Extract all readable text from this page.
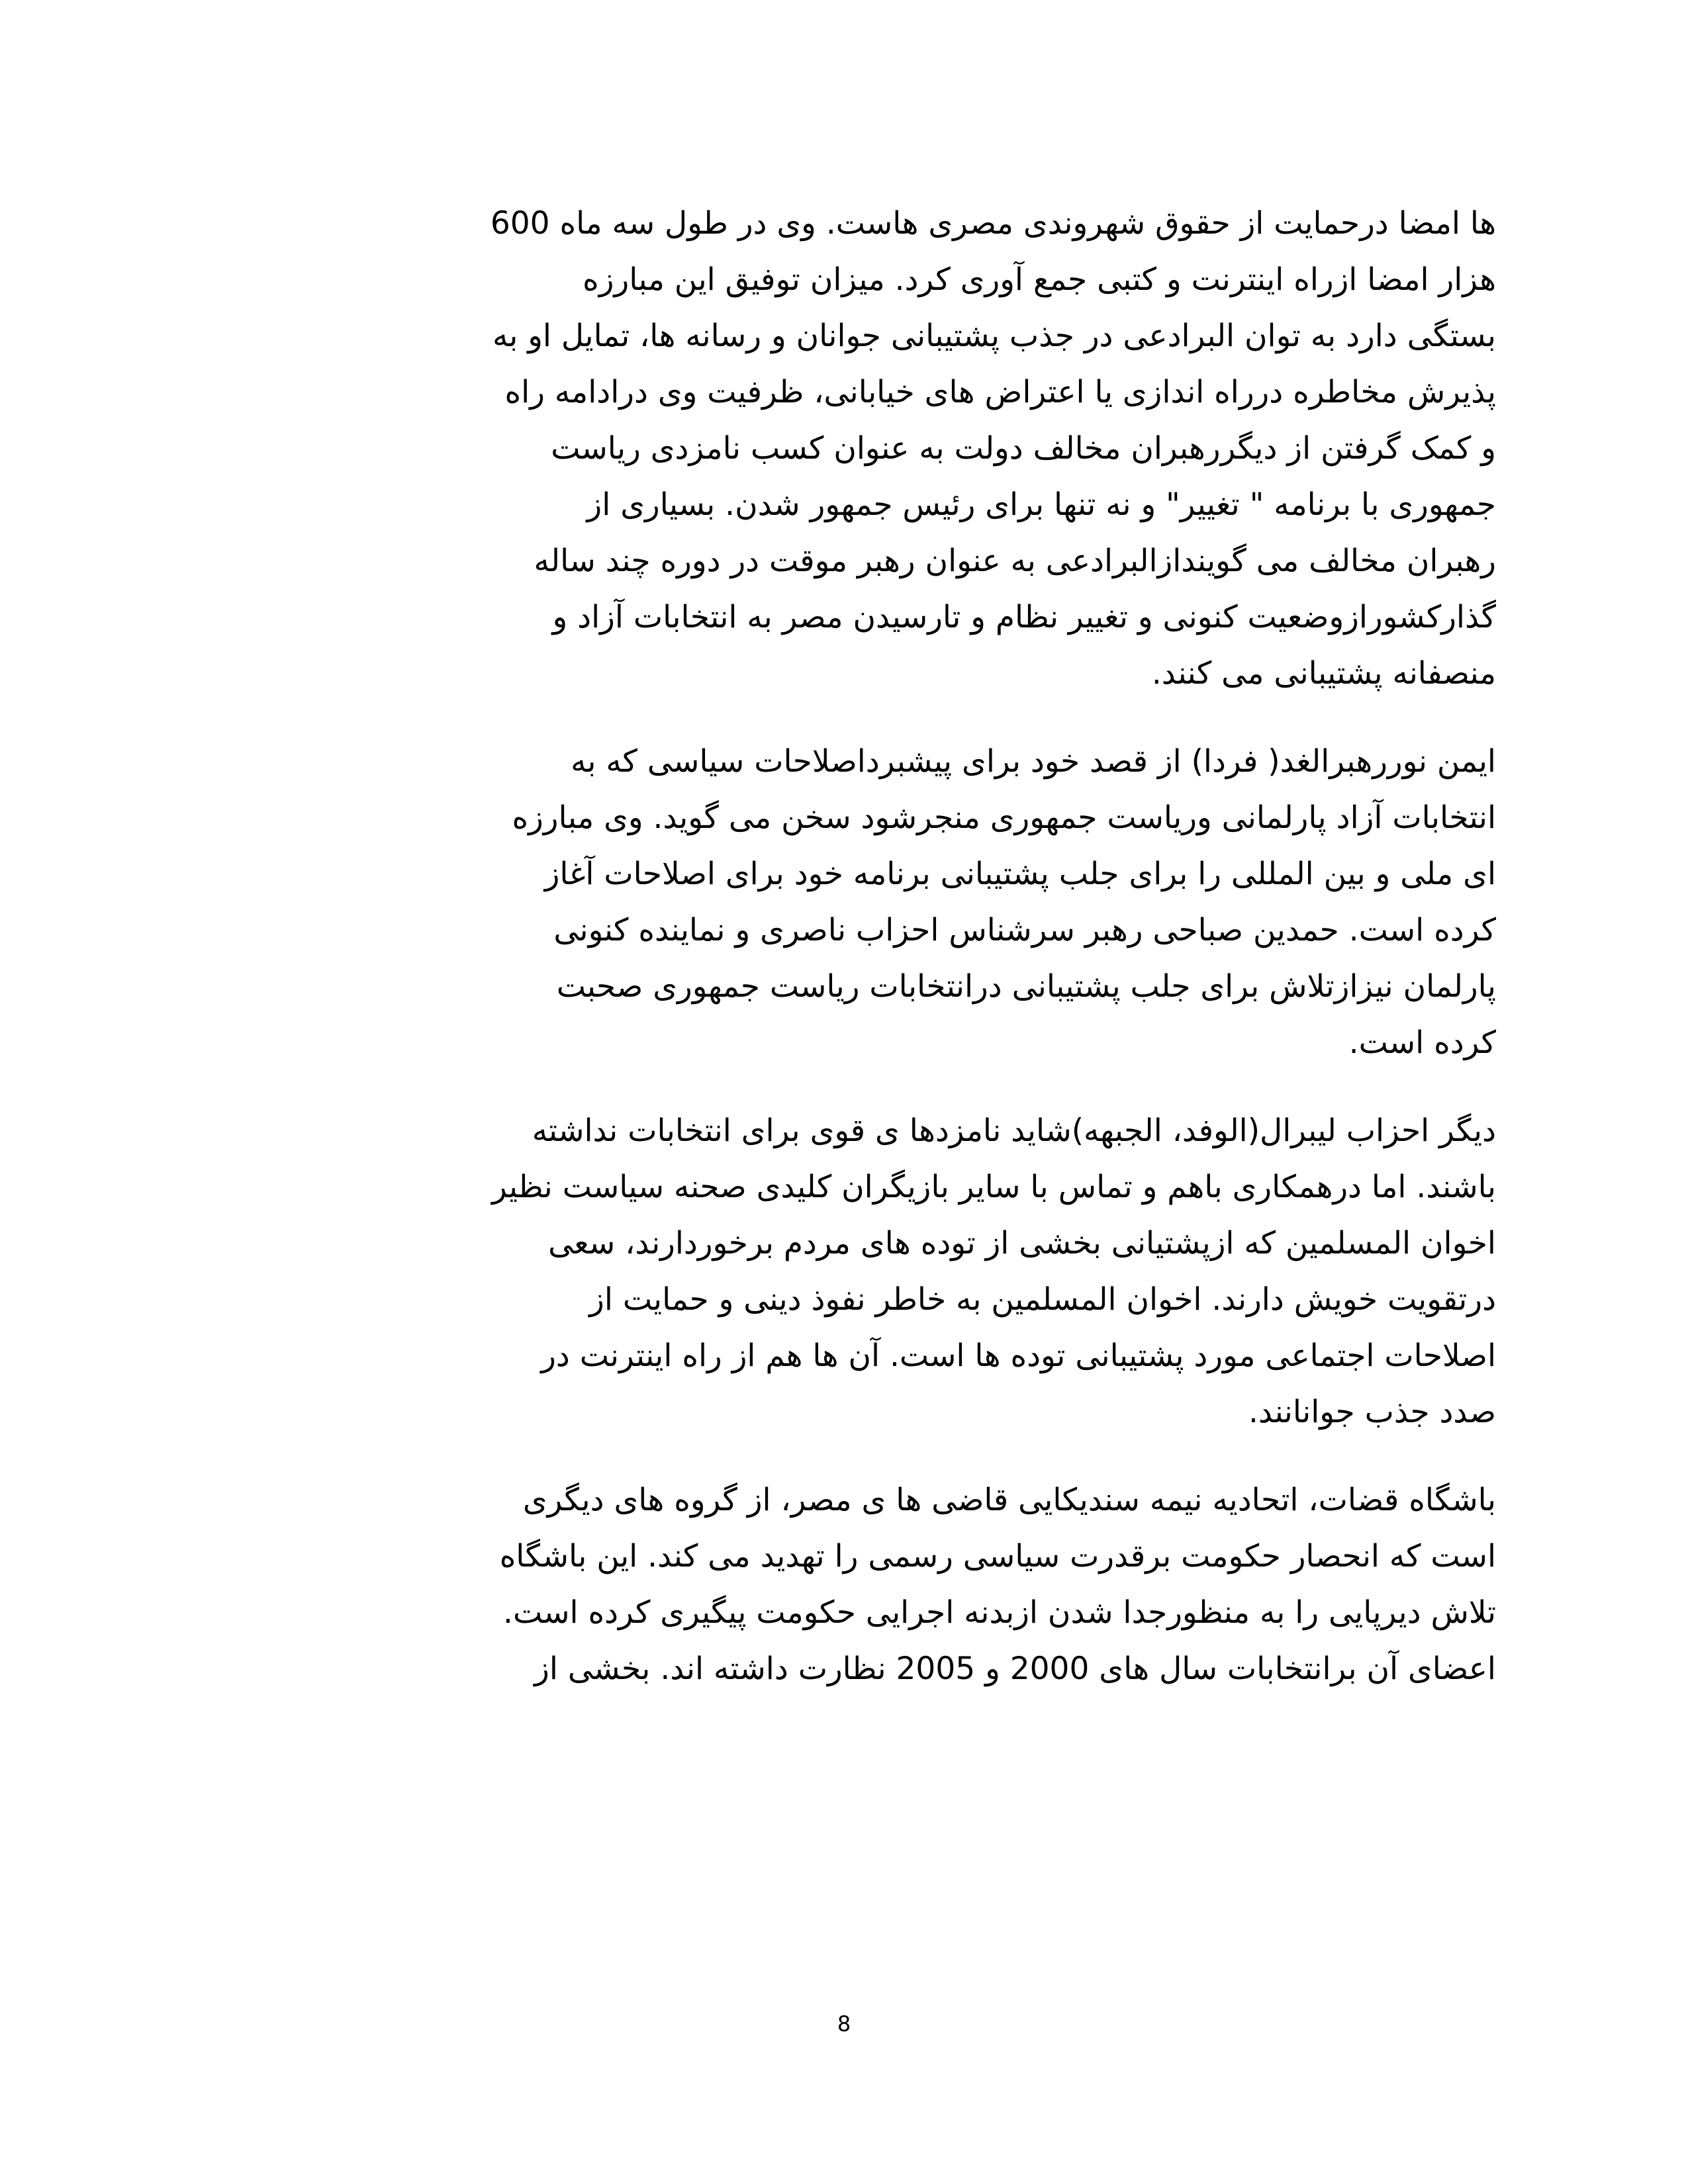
ها امضا درحمایت از حقوق شهروندی مصری هاست. وی در طول سه ماه 600
هزار امضا ازراه اینترنت و کتبی جمع آوری کرد. میزان توفیق این مبارزه
بستگی دارد به توان البرادعی در جذب پشتیبانی جوانان و رسانه ها، تمایل او به
پذیرش مخاطره درراه اندازی یا اعتراض های خیابانی، ظرفیت وی درادامه راه
و کمک گرفتن از دیگررهبران مخالف دولت به عنوان کسب نامزدی ریاست
جمهوری با برنامه " تغییر" و نه تنها برای رئیس جمهور شدن. بسیاری از
رهبران مخالف می گویندازالبرادعی به عنوان رهبر موقت در دوره چند ساله
گذارکشورازوضعیت کنونی و تغییر نظام و تارسیدن مصر به انتخابات آزاد و
منصفانه پشتیبانی می کنند.

ایمن نوررهبرالغد( فردا) از قصد خود برای پیشبرداصلاحات سیاسی که به
انتخابات آزاد پارلمانی وریاست جمهوری منجرشود سخن می گوید. وی مبارزه
ای ملی و بین المللی را برای جلب پشتیبانی برنامه خود برای اصلاحات آغاز
کرده است. حمدین صباحی رهبر سرشناس احزاب ناصری و نماینده کنونی
پارلمان نیزازتلاش برای جلب پشتیبانی درانتخابات ریاست جمهوری صحبت
کرده است.

دیگر احزاب لیبرال(الوفد، الجبهه)شاید نامزدها ی قوی برای انتخابات نداشته
باشند. اما درهمکاری باهم و تماس با سایر بازیگران کلیدی صحنه سیاست نظیر
اخوان المسلمین که ازپشتیانی بخشی از توده های مردم برخوردارند، سعی
درتقویت خویش دارند. اخوان المسلمین به خاطر نفوذ دینی و حمایت از
اصلاحات اجتماعی مورد پشتیبانی توده ها است. آن ها هم از راه اینترنت در
صدد جذب جوانانند.

باشگاه قضات، اتحادیه نیمه سندیکایی قاضی ها ی مصر، از گروه های دیگری
است که انحصار حکومت برقدرت سیاسی رسمی را تهدید می کند. این باشگاه
تلاش دیرپایی را به منظورجدا شدن ازبدنه اجرایی حکومت پیگیری کرده است.
اعضای آن برانتخابات سال های 2000 و 2005 نظارت داشته اند. بخشی از

8
